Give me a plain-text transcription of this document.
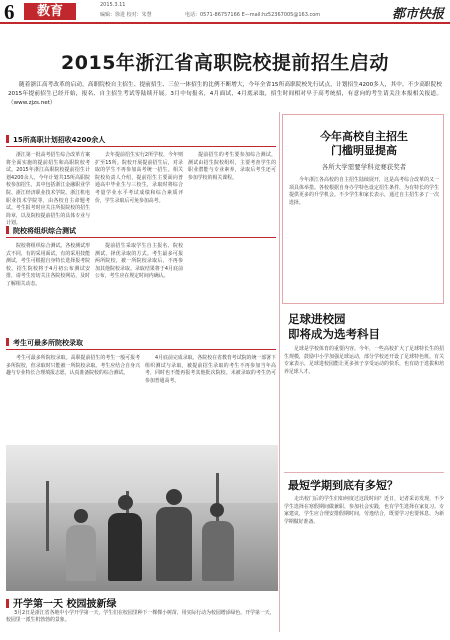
6	教育	2015.3.11
编辑：徐进 校对：朱慧	电话：0571-86757166 E—mail:hz52367005@163.com	都市快报
2015年浙江省高职院校提前招生启动

随着浙江高考改革的启动，高职院校自主招生、提前招生、三位一体招生的比例不断增大，今年全省15所高职院校先行试点，计划招生4200多人，其中，不少高职院校2015年提前招生已经开始，报名、自主招生考试等陆续开展。3月中旬报名，4月面试，4月底录取，招生时间相对早于高考统招，有意向的考生请关注本报相关报道。（www.zjzs.net）

15所高职计划招收4200余人

浙江第一批高考招生综合改革方案将全面实施的提前招生和高职院校考试。2015年浙江高职院校提前招生计划4200余人，今年计划共15所高职院校参加招生，其中包括浙江金融职业学院、浙江经济职业技术学院、浙江机电职业技术学院等，由各校自主命题考试。考生报考时应关注所报院校的招生简章，以及院校提前招生的具体专业与计划。

去年提前招生实行2所学校，今年则扩至15所。院校开展提前招生后，对录取的学生不再参加高考统一招生。相关院校负责人介绍，提前招生主要面向普通高中毕业生与三校生，录取时将综合考量学业水平考试成绩和综合素质评价，学生录取后可免参加高考。

提前招生的考生要参加综合测试，测试由招生院校组织，主要考查学生的职业潜能与专业素养，录取后考生还可参加学校的相关课程。

院校将组织综合测试

院校将组织综合测试。各校测试形式不同，有的采用面试，有的采用技能测试，考生可根据自身特长选择报考院校。招生院校将于4月初公布测试安排，请考生密切关注各院校网站，及时了解相关动态。

提前招生采取学生自主报名、院校测试、择优录取的方式。考生最多可报两所院校，被一所院校录取后，不再参加其他院校录取。录取结果将于4月底前公布，考生应在规定时间内确认。

考生可最多所院校录取

考生可最多所院校录取。高职提前招生的考生一般可报考多所院校，但录取时只能被一所院校录取。考生应结合自身兴趣与专业特长合理填报志愿，认真准备院校的综合测试。

4月底前完成录取。各院校在省教育考试院的统一部署下组织测试与录取，被提前招生录取的考生不再参加当年高考，同时也不能再报考其他批次院校。未被录取的考生仍可参加普通高考。

今年高校自主招生
门槛明显提高
各所大学需要学科竞赛获奖者

今年浙江各高校的自主招生陆续展开，这是高考综合改革的又一项具体举措。各校根据自身办学特色设定招生条件，为有特长的学生提供更多的升学机会。不少学生和家长表示，通过自主招生多了一次选择。

足球进校园
即将成为选考科目

足球是学校体育的重要内容。今年，一些高校扩大了足球特长生的招生规模，鼓励中小学加强足球运动，部分学校还开设了足球特色班。有关专家表示，足球进校园能让更多孩子享受运动的快乐，也有助于选拔和培养足球人才。

最短学期到底有多短？

走出校门后的学生们如何度过这段时间？近日，记者采访发现，不少学生选择在寒假期间做兼职、参加社会实践，也有学生选择在家复习。专家建议，学生应合理安排假期时间，劳逸结合，既要学习也要休息，为新学期做好准备。

开学第一天 校园披新绿

3月2日是浙江省各地中小学开学第一天，学生们在校园里种下一棵棵小树苗，用实际行动为校园增添绿色。开学第一天，校园里一派生机勃勃的景象。
